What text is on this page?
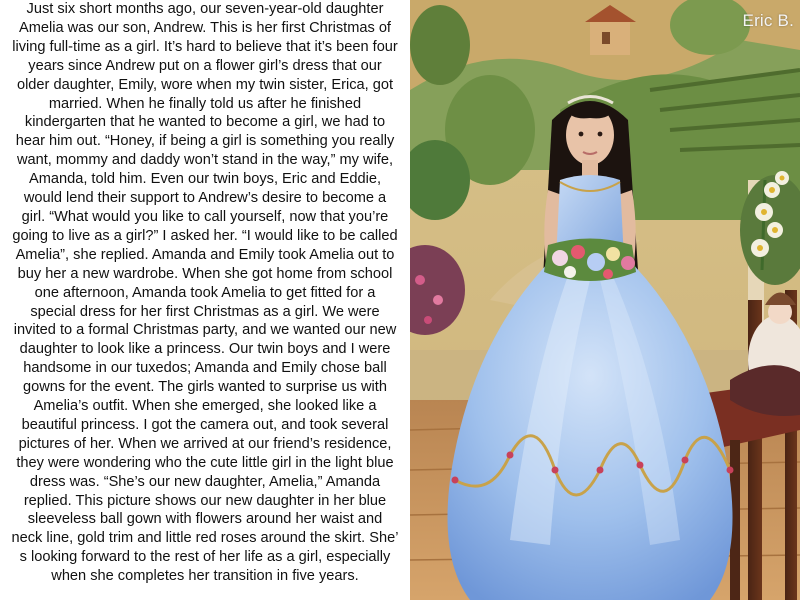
Just six short months ago, our seven-year-old daughter
Amelia was our son, Andrew. This is her first Christmas of
living full-time as a girl. It’s hard to believe that it’s been four
years since Andrew put on a flower girl’s dress that our
older daughter, Emily, wore when my twin sister, Erica, got
married. When he finally told us after he finished
kindergarten that he wanted to become a girl, we had to
hear him out. “Honey, if being a girl is something you really
want, mommy and daddy won’t stand in the way,” my wife,
Amanda, told him. Even our twin boys, Eric and Eddie,
would lend their support to Andrew’s desire to become a
girl. “What would you like to call yourself, now that you’re
going to live as a girl?” I asked her. “I would like to be called
Amelia”, she replied. Amanda and Emily took Amelia out to
buy her a new wardrobe. When she got home from school
one afternoon, Amanda took Amelia to get fitted for a
special dress for her first Christmas as a girl. We were
invited to a formal Christmas party, and we wanted our new
daughter to look like a princess. Our twin boys and I were
handsome in our tuxedos; Amanda and Emily chose ball
gowns for the event. The girls wanted to surprise us with
Amelia’s outfit. When she emerged, she looked like a
beautiful princess. I got the camera out, and took several
pictures of her. When we arrived at our friend’s residence,
they were wondering who the cute little girl in the light blue
dress was. “She’s our new daughter, Amelia,” Amanda
replied. This picture shows our new daughter in her blue
sleeveless ball gown with flowers around her waist and
neck line, gold trim and little red roses around the skirt. She’
s looking forward to the rest of her life as a girl, especially
when she completes her transition in five years.
Eric B.
